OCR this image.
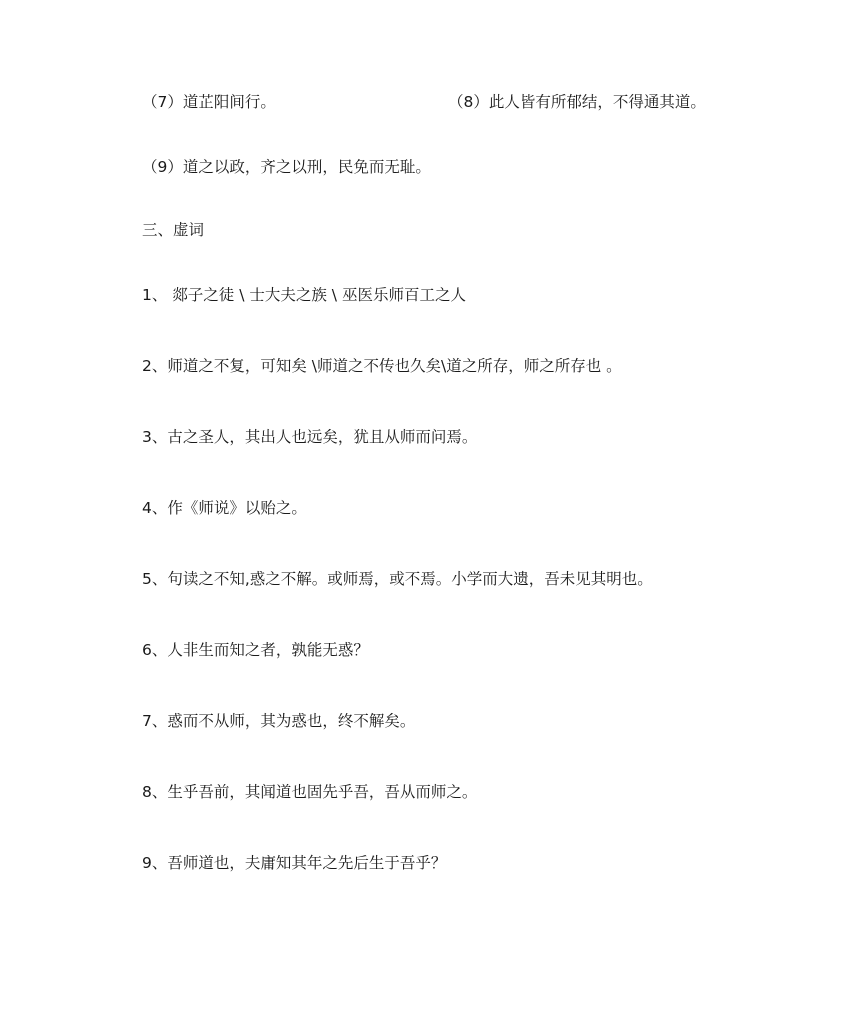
（7）道芷阳间行。	（8）此人皆有所郁结，不得通其道。
（9）道之以政，齐之以刑，民免而无耻。
三、虚词
1、 郯子之徒 \ 士大夫之族 \ 巫医乐师百工之人
2、师道之不复，可知矣 \师道之不传也久矣\道之所存，师之所存也 。
3、古之圣人，其出人也远矣，犹且从师而问焉。
4、作《师说》以贻之。
5、句读之不知,惑之不解。或师焉，或不焉。小学而大遗，吾未见其明也。
6、人非生而知之者，孰能无惑？
7、惑而不从师，其为惑也，终不解矣。
8、生乎吾前，其闻道也固先乎吾，吾从而师之。
9、吾师道也，夫庸知其年之先后生于吾乎？
